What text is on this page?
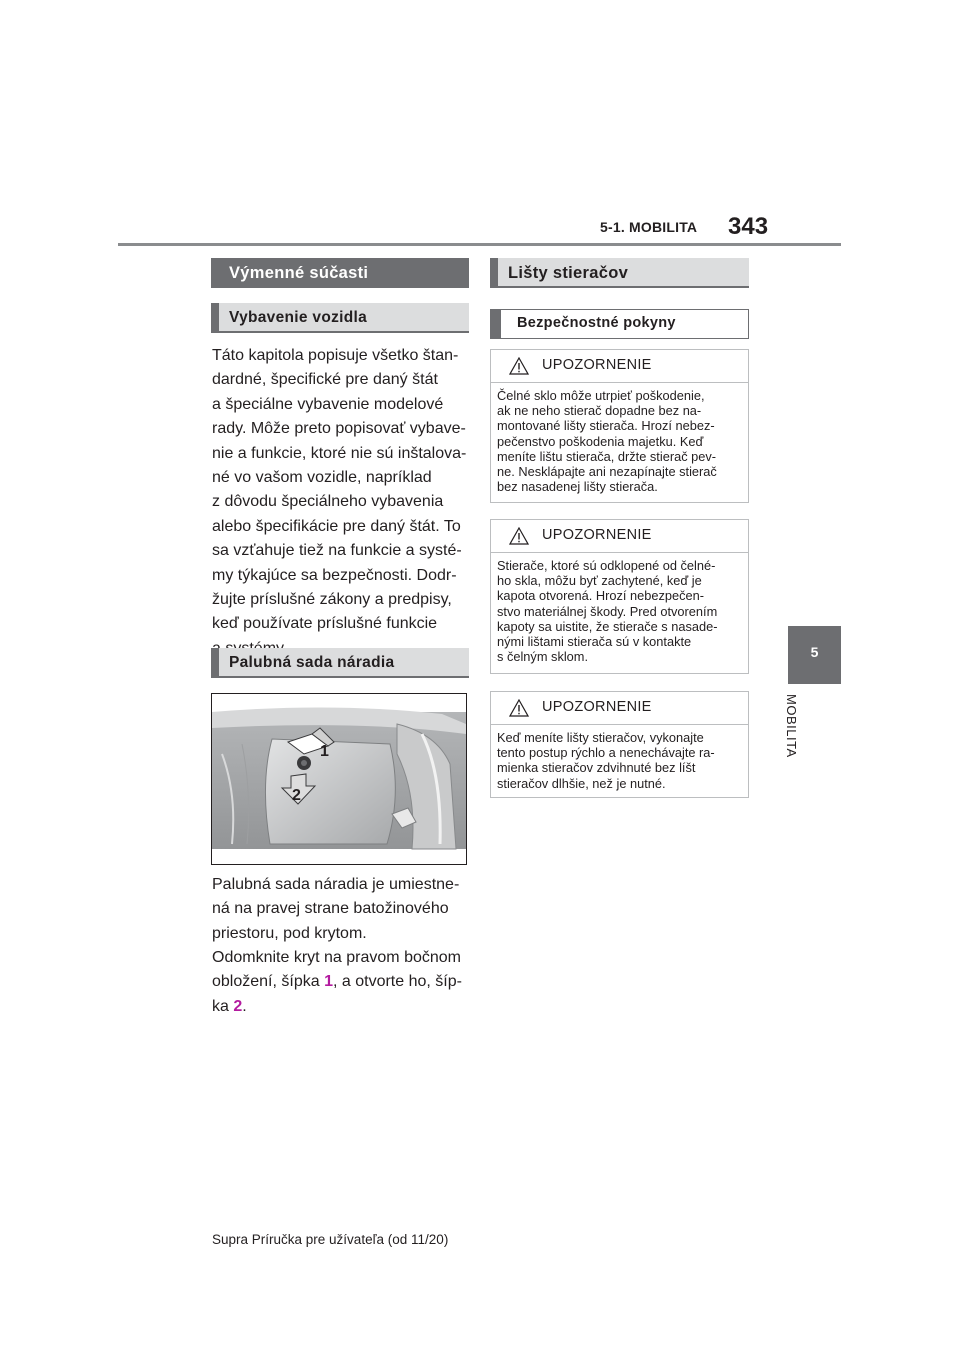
5-1. MOBILITA 343
5
MOBILITA
Výmenné súčasti
Vybavenie vozidla

Táto kapitola popisuje všetko štan-

dardné, špecifické pre daný štát

a špeciálne vybavenie modelové

rady. Môže preto popisovať vybave-

nie a funkcie, ktoré nie sú inštalova-

né vo vašom vozidle, napríklad

z dôvodu špeciálneho vybavenia

alebo špecifikácie pre daný štát. To

sa vzťahuje tiež na funkcie a systé-

my týkajúce sa bezpečnosti. Dodr-

žujte príslušné zákony a predpisy,

keď používate príslušné funkcie

Palubná sada náradia
1
2

Palubná sada náradia je umiestne-

ná na pravej strane batožinového

priestoru, pod krytom.

Odomknite kryt na pravom bočnom

obložení, šípka 1, a otvorte ho, šíp-

ka 2.

Lišty stieračov
Bezpečnostné pokyny
UPOZORNENIE
Čelné sklo môže utrpieť poškodenie,
ak ne neho stierač dopadne bez na-
montované lišty stierača. Hrozí nebez-
pečenstvo poškodenia majetku. Keď
meníte lištu stierača, držte stierač pev-
ne. Nesklápajte ani nezapínajte stierač
bez nasadenej lišty stierača.
UPOZORNENIE
Stierače, ktoré sú odklopené od čelné-
ho skla, môžu byť zachytené, keď je
kapota otvorená. Hrozí nebezpečen-
stvo materiálnej škody. Pred otvorením
kapoty sa uistite, že stierače s nasade-
nými lištami stierača sú v kontakte
s čelným sklom.
UPOZORNENIE
Keď meníte lišty stieračov, vykonajte
tento postup rýchlo a nenechávajte ra-
mienka stieračov zdvihnuté bez líšt
stieračov dlhšie, než je nutné.
Supra Príručka pre užívateľa (od 11/20)
